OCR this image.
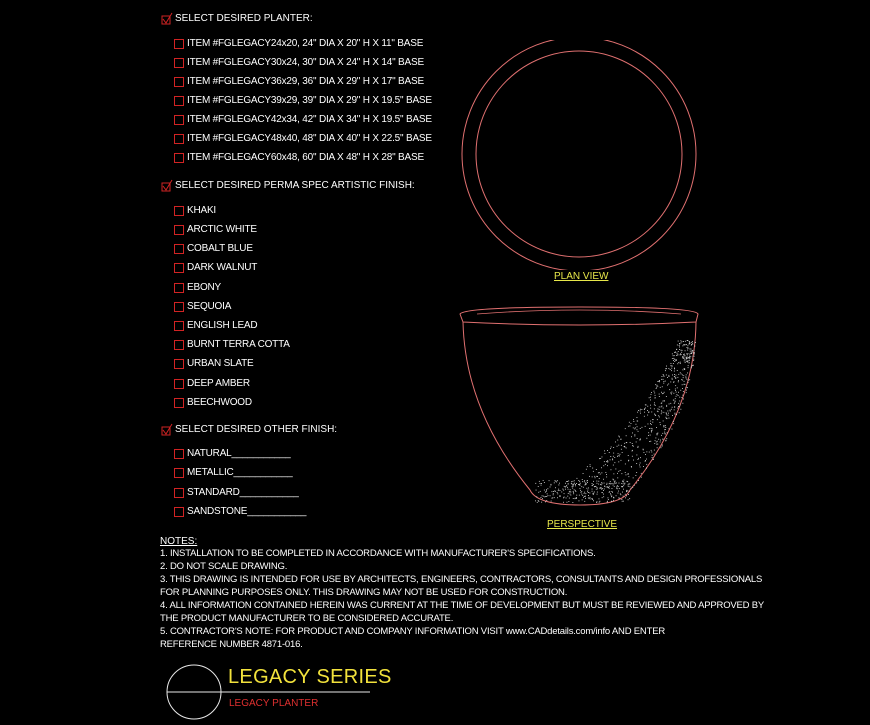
SELECT DESIRED PLANTER:
ITEM #FGLEGACY24x20, 24" DIA X 20" H X 11" BASE
ITEM #FGLEGACY30x24, 30" DIA X 24" H X 14" BASE
ITEM #FGLEGACY36x29, 36" DIA X 29" H X 17" BASE
ITEM #FGLEGACY39x29, 39" DIA X 29" H X 19.5" BASE
ITEM #FGLEGACY42x34, 42" DIA X 34" H X 19.5" BASE
ITEM #FGLEGACY48x40, 48" DIA X 40" H X 22.5" BASE
ITEM #FGLEGACY60x48, 60" DIA X 48" H X 28" BASE
SELECT DESIRED PERMA SPEC ARTISTIC FINISH:
KHAKI
ARCTIC WHITE
COBALT BLUE
DARK WALNUT
EBONY
SEQUOIA
ENGLISH LEAD
BURNT TERRA COTTA
URBAN SLATE
DEEP AMBER
BEECHWOOD
SELECT DESIRED OTHER FINISH:
NATURAL___________
METALLIC___________
STANDARD___________
SANDSTONE___________
PLAN VIEW
PERSPECTIVE
NOTES:
1. INSTALLATION TO BE COMPLETED IN ACCORDANCE WITH MANUFACTURER'S SPECIFICATIONS.
2. DO NOT SCALE DRAWING.
3. THIS DRAWING IS INTENDED FOR USE BY ARCHITECTS, ENGINEERS, CONTRACTORS, CONSULTANTS AND DESIGN PROFESSIONALS
FOR PLANNING PURPOSES ONLY. THIS DRAWING MAY NOT BE USED FOR CONSTRUCTION.
4. ALL INFORMATION CONTAINED HEREIN WAS CURRENT AT THE TIME OF DEVELOPMENT BUT MUST BE REVIEWED AND APPROVED BY
THE PRODUCT MANUFACTURER TO BE CONSIDERED ACCURATE.
5. CONTRACTOR'S NOTE: FOR PRODUCT AND COMPANY INFORMATION VISIT www.CADdetails.com/info AND ENTER
REFERENCE NUMBER 4871-016.
LEGACY SERIES
LEGACY PLANTER
